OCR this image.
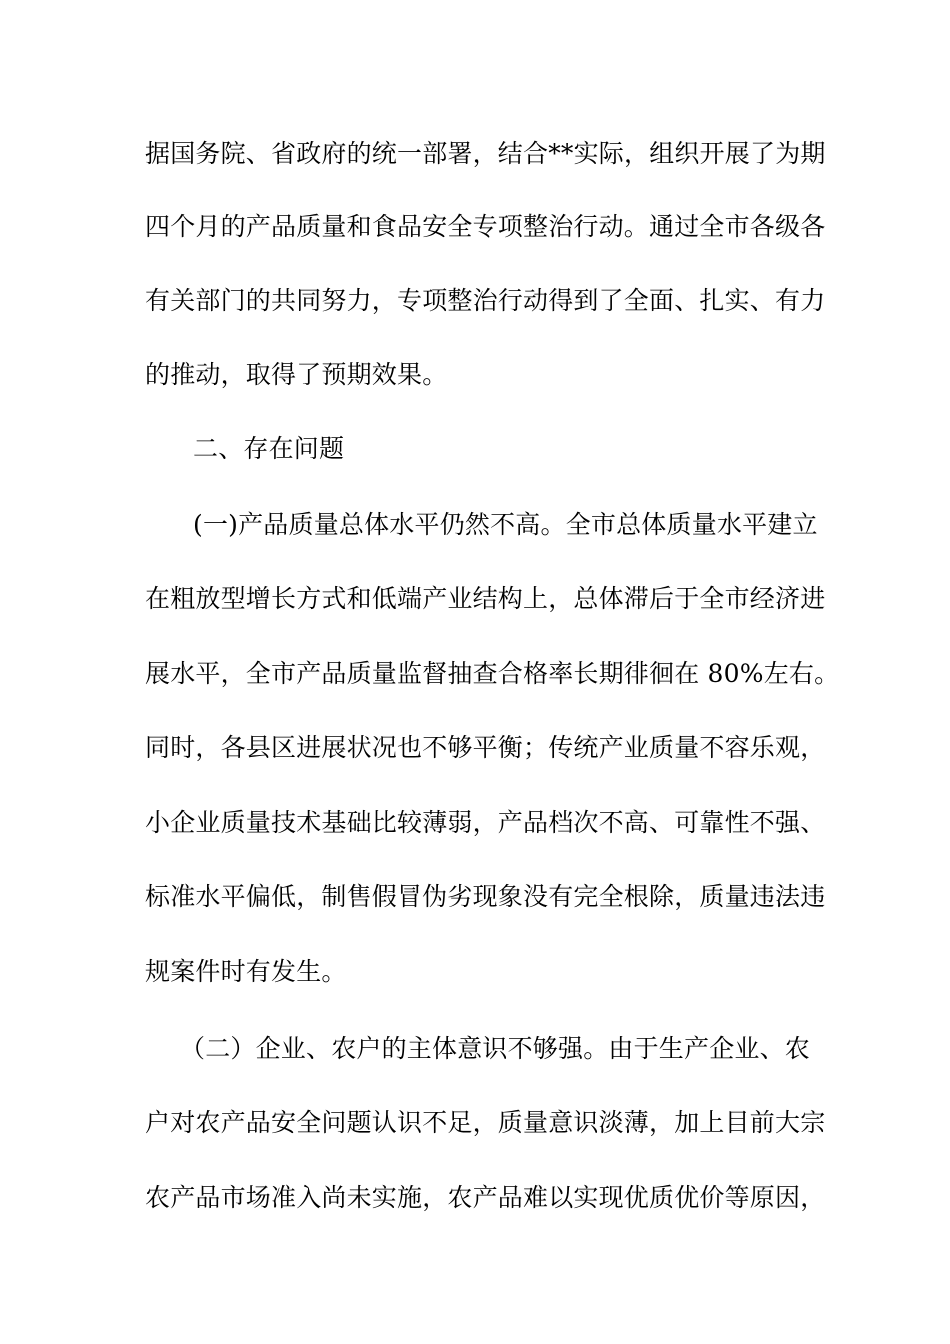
据国务院、省政府的统一部署，结合**实际，组织开展了为期
四个月的产品质量和食品安全专项整治行动。通过全市各级各
有关部门的共同努力，专项整治行动得到了全面、扎实、有力
的推动，取得了预期效果。
二、存在问题
(一)产品质量总体水平仍然不高。全市总体质量水平建立
在粗放型增长方式和低端产业结构上，总体滞后于全市经济进
展水平，全市产品质量监督抽查合格率长期徘徊在 80%左右。
同时，各县区进展状况也不够平衡；传统产业质量不容乐观，
小企业质量技术基础比较薄弱，产品档次不高、可靠性不强、
标准水平偏低，制售假冒伪劣现象没有完全根除，质量违法违
规案件时有发生。
（二）企业、农户的主体意识不够强。由于生产企业、农
户对农产品安全问题认识不足，质量意识淡薄，加上目前大宗
农产品市场准入尚未实施，农产品难以实现优质优价等原因，
